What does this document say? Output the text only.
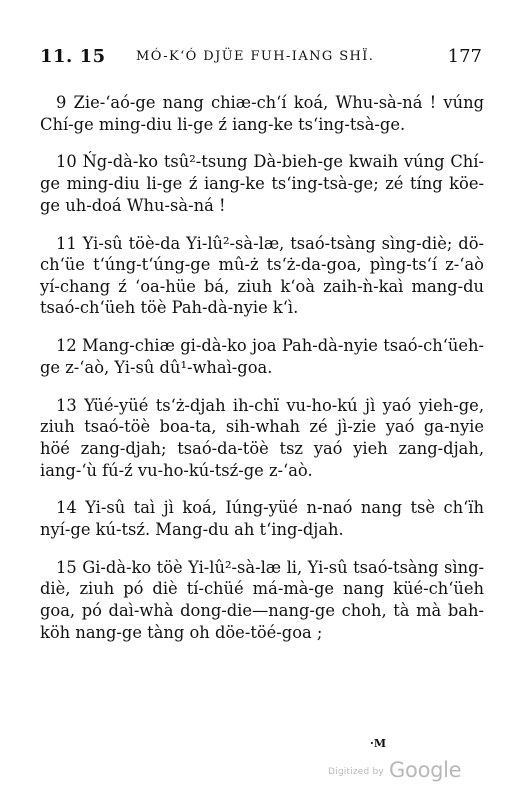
11. 15 MÓ-K‘Ó DJÜE FUH-IANG SHÏ.	177

9 Zie-‘aó-ge nang chiæ-ch‘í koá, Whu-sà-ná ! vúng Chí-ge ming-diu li-ge ź iang-ke ts‘ing-tsà-ge.

10 Ńg-dà-ko tsû²-tsung Dà-bieh-ge kwaih vúng Chí-ge ming-diu li-ge ź iang-ke ts‘ing-tsà-ge; zé tíng köe-ge uh-doá Whu-sà-ná !

11 Yi-sû töè-da Yi-lû²-sà-læ, tsaó-tsàng sìng-diè; dö-ch‘üe t‘úng-t‘úng-ge mû-ż ts‘ż-da-goa, pìng-ts‘í z-‘aò yí-chang ź ‘oa-hüe bá, ziuh k‘oà zaih-ǹ-kaì mang-du tsaó-ch‘üeh töè Pah-dà-nyie k‘ì.

12 Mang-chiæ gi-dà-ko joa Pah-dà-nyie tsaó-ch‘üeh-ge z-‘aò, Yi-sû dû¹-whaì-goa.

13 Yüé-yüé ts‘ż-djah ih-chï vu-ho-kú jì yaó yieh-ge, ziuh tsaó-töè boa-ta, sih-whah zé jì-zie yaó ga-nyie höé zang-djah; tsaó-da-töè tsz yaó yieh zang-djah, iang-‘ù fú-ź vu-ho-kú-tsź-ge z-‘aò.

14 Yi-sû taì jì koá, Iúng-yüé n-naó nang tsè ch‘ïh nyí-ge kú-tsź. Mang-du ah t‘ing-djah.

15 Gi-dà-ko töè Yi-lû²-sà-læ li, Yi-sû tsaó-tsàng sìng-diè, ziuh pó diè tí-chüé má-mà-ge nang küé-ch‘üeh goa, pó daì-whà dong-die—nang-ge choh, tà mà bah-köh nang-ge tàng oh döe-töé-goa ;

·M
Digitized by Google
